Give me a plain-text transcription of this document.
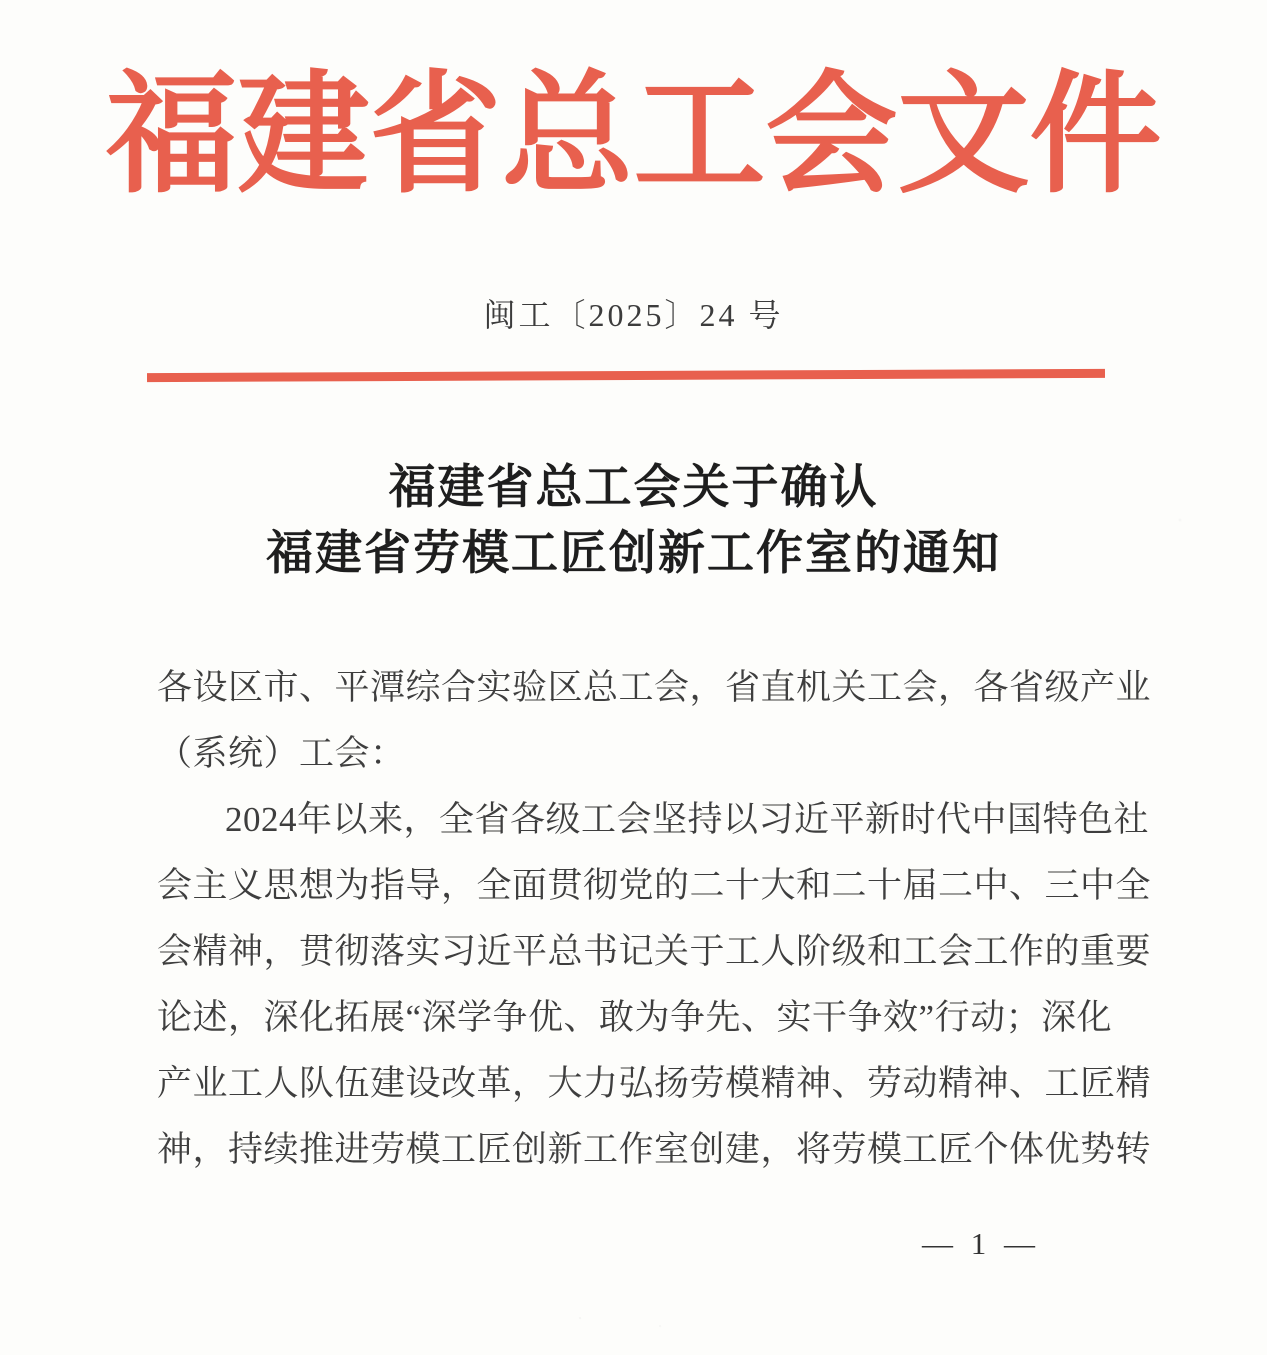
福建省总工会文件
闽工〔2025〕24 号
福建省总工会关于确认
福建省劳模工匠创新工作室的通知
各设区市、平潭综合实验区总工会，省直机关工会，各省级产业
（系统）工会：
2024年以来，全省各级工会坚持以习近平新时代中国特色社
会主义思想为指导，全面贯彻党的二十大和二十届二中、三中全
会精神，贯彻落实习近平总书记关于工人阶级和工会工作的重要
论述，深化拓展“深学争优、敢为争先、实干争效”行动；深化
产业工人队伍建设改革，大力弘扬劳模精神、劳动精神、工匠精
神，持续推进劳模工匠创新工作室创建，将劳模工匠个体优势转
— 1 —
